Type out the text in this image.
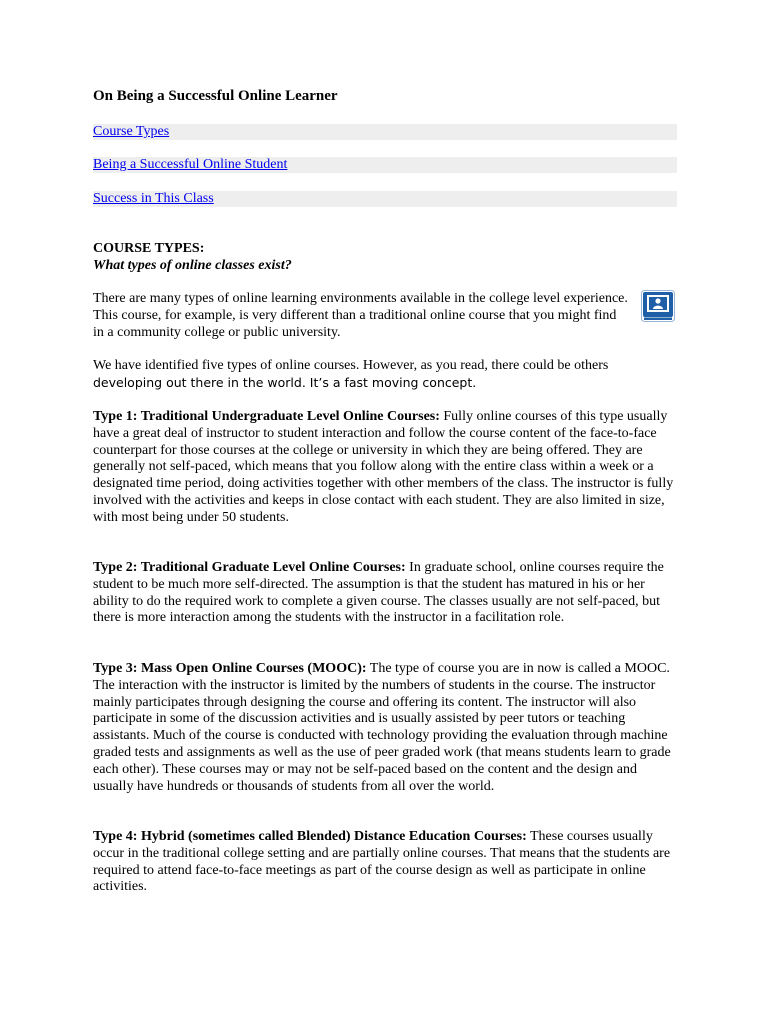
On Being a Successful Online Learner
Course Types
Being a Successful Online Student
Success in This Class
COURSE TYPES:
What types of online classes exist?

There are many types of online learning environments available in the college level experience. This course, for example, is very different than a traditional online course that you might find in a community college or public university.

We have identified five types of online courses. However, as you read, there could be others developing out there in the world. It’s a fast moving concept.

Type 1: Traditional Undergraduate Level Online Courses: Fully online courses of this type usually have a great deal of instructor to student interaction and follow the course content of the face-to-face counterpart for those courses at the college or university in which they are being offered. They are generally not self-paced, which means that you follow along with the entire class within a week or a designated time period, doing activities together with other members of the class. The instructor is fully involved with the activities and keeps in close contact with each student. They are also limited in size, with most being under 50 students.

Type 2: Traditional Graduate Level Online Courses: In graduate school, online courses require the student to be much more self-directed. The assumption is that the student has matured in his or her ability to do the required work to complete a given course. The classes usually are not self-paced, but there is more interaction among the students with the instructor in a facilitation role.

Type 3: Mass Open Online Courses (MOOC): The type of course you are in now is called a MOOC. The interaction with the instructor is limited by the numbers of students in the course. The instructor mainly participates through designing the course and offering its content. The instructor will also participate in some of the discussion activities and is usually assisted by peer tutors or teaching assistants. Much of the course is conducted with technology providing the evaluation through machine graded tests and assignments as well as the use of peer graded work (that means students learn to grade each other). These courses may or may not be self-paced based on the content and the design and usually have hundreds or thousands of students from all over the world.

Type 4: Hybrid (sometimes called Blended) Distance Education Courses: These courses usually occur in the traditional college setting and are partially online courses. That means that the students are required to attend face-to-face meetings as part of the course design as well as participate in online activities.
